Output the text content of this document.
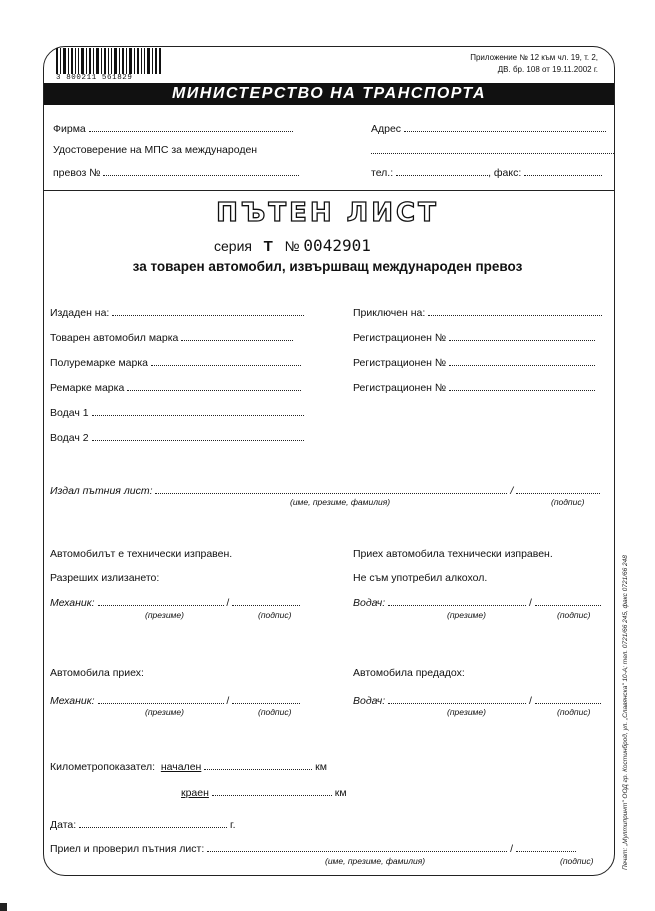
3 800211 561829
Приложение № 12 към чл. 19, т. 2,
ДВ. бр. 108 от 19.11.2002 г.
МИНИСТЕРСТВО НА ТРАНСПОРТА
Фирма	Адрес
Удостоверение на МПС за международен
превоз №	тел.:	, факс:
ПЪТЕН ЛИСТ
серия Т № 0042901
за товарен автомобил, извършващ международен превоз
Издаден на:	Приключен на:
Товарен автомобил марка	Регистрационен №
Полуремарке марка	Регистрационен №
Ремарке марка	Регистрационен №
Водач 1
Водач 2
Издал пътния лист:	/
(име, презиме, фамилия)	(подпис)
Автомобилът е технически изправен.	Приех автомобила технически изправен.
Разреших излизането:	Не съм употребил алкохол.
Механик:	/
(презиме)	(подпис)
Водач:	/
(презиме)	(подпис)
Автомобила приех:	Автомобила предадох:
Механик:	/
(презиме)	(подпис)
Водач:	/
(презиме)	(подпис)
Километропоказател: начален	км
краен	км
Дата:	г.
Приел и проверил пътния лист:	/
(име, презиме, фамилия)	(подпис)	Печат: „Мултипринт" ООД гр. Костинброд, ул. „Славянска" 10-А; тел. 0721/66 245, факс 0721/66 248
